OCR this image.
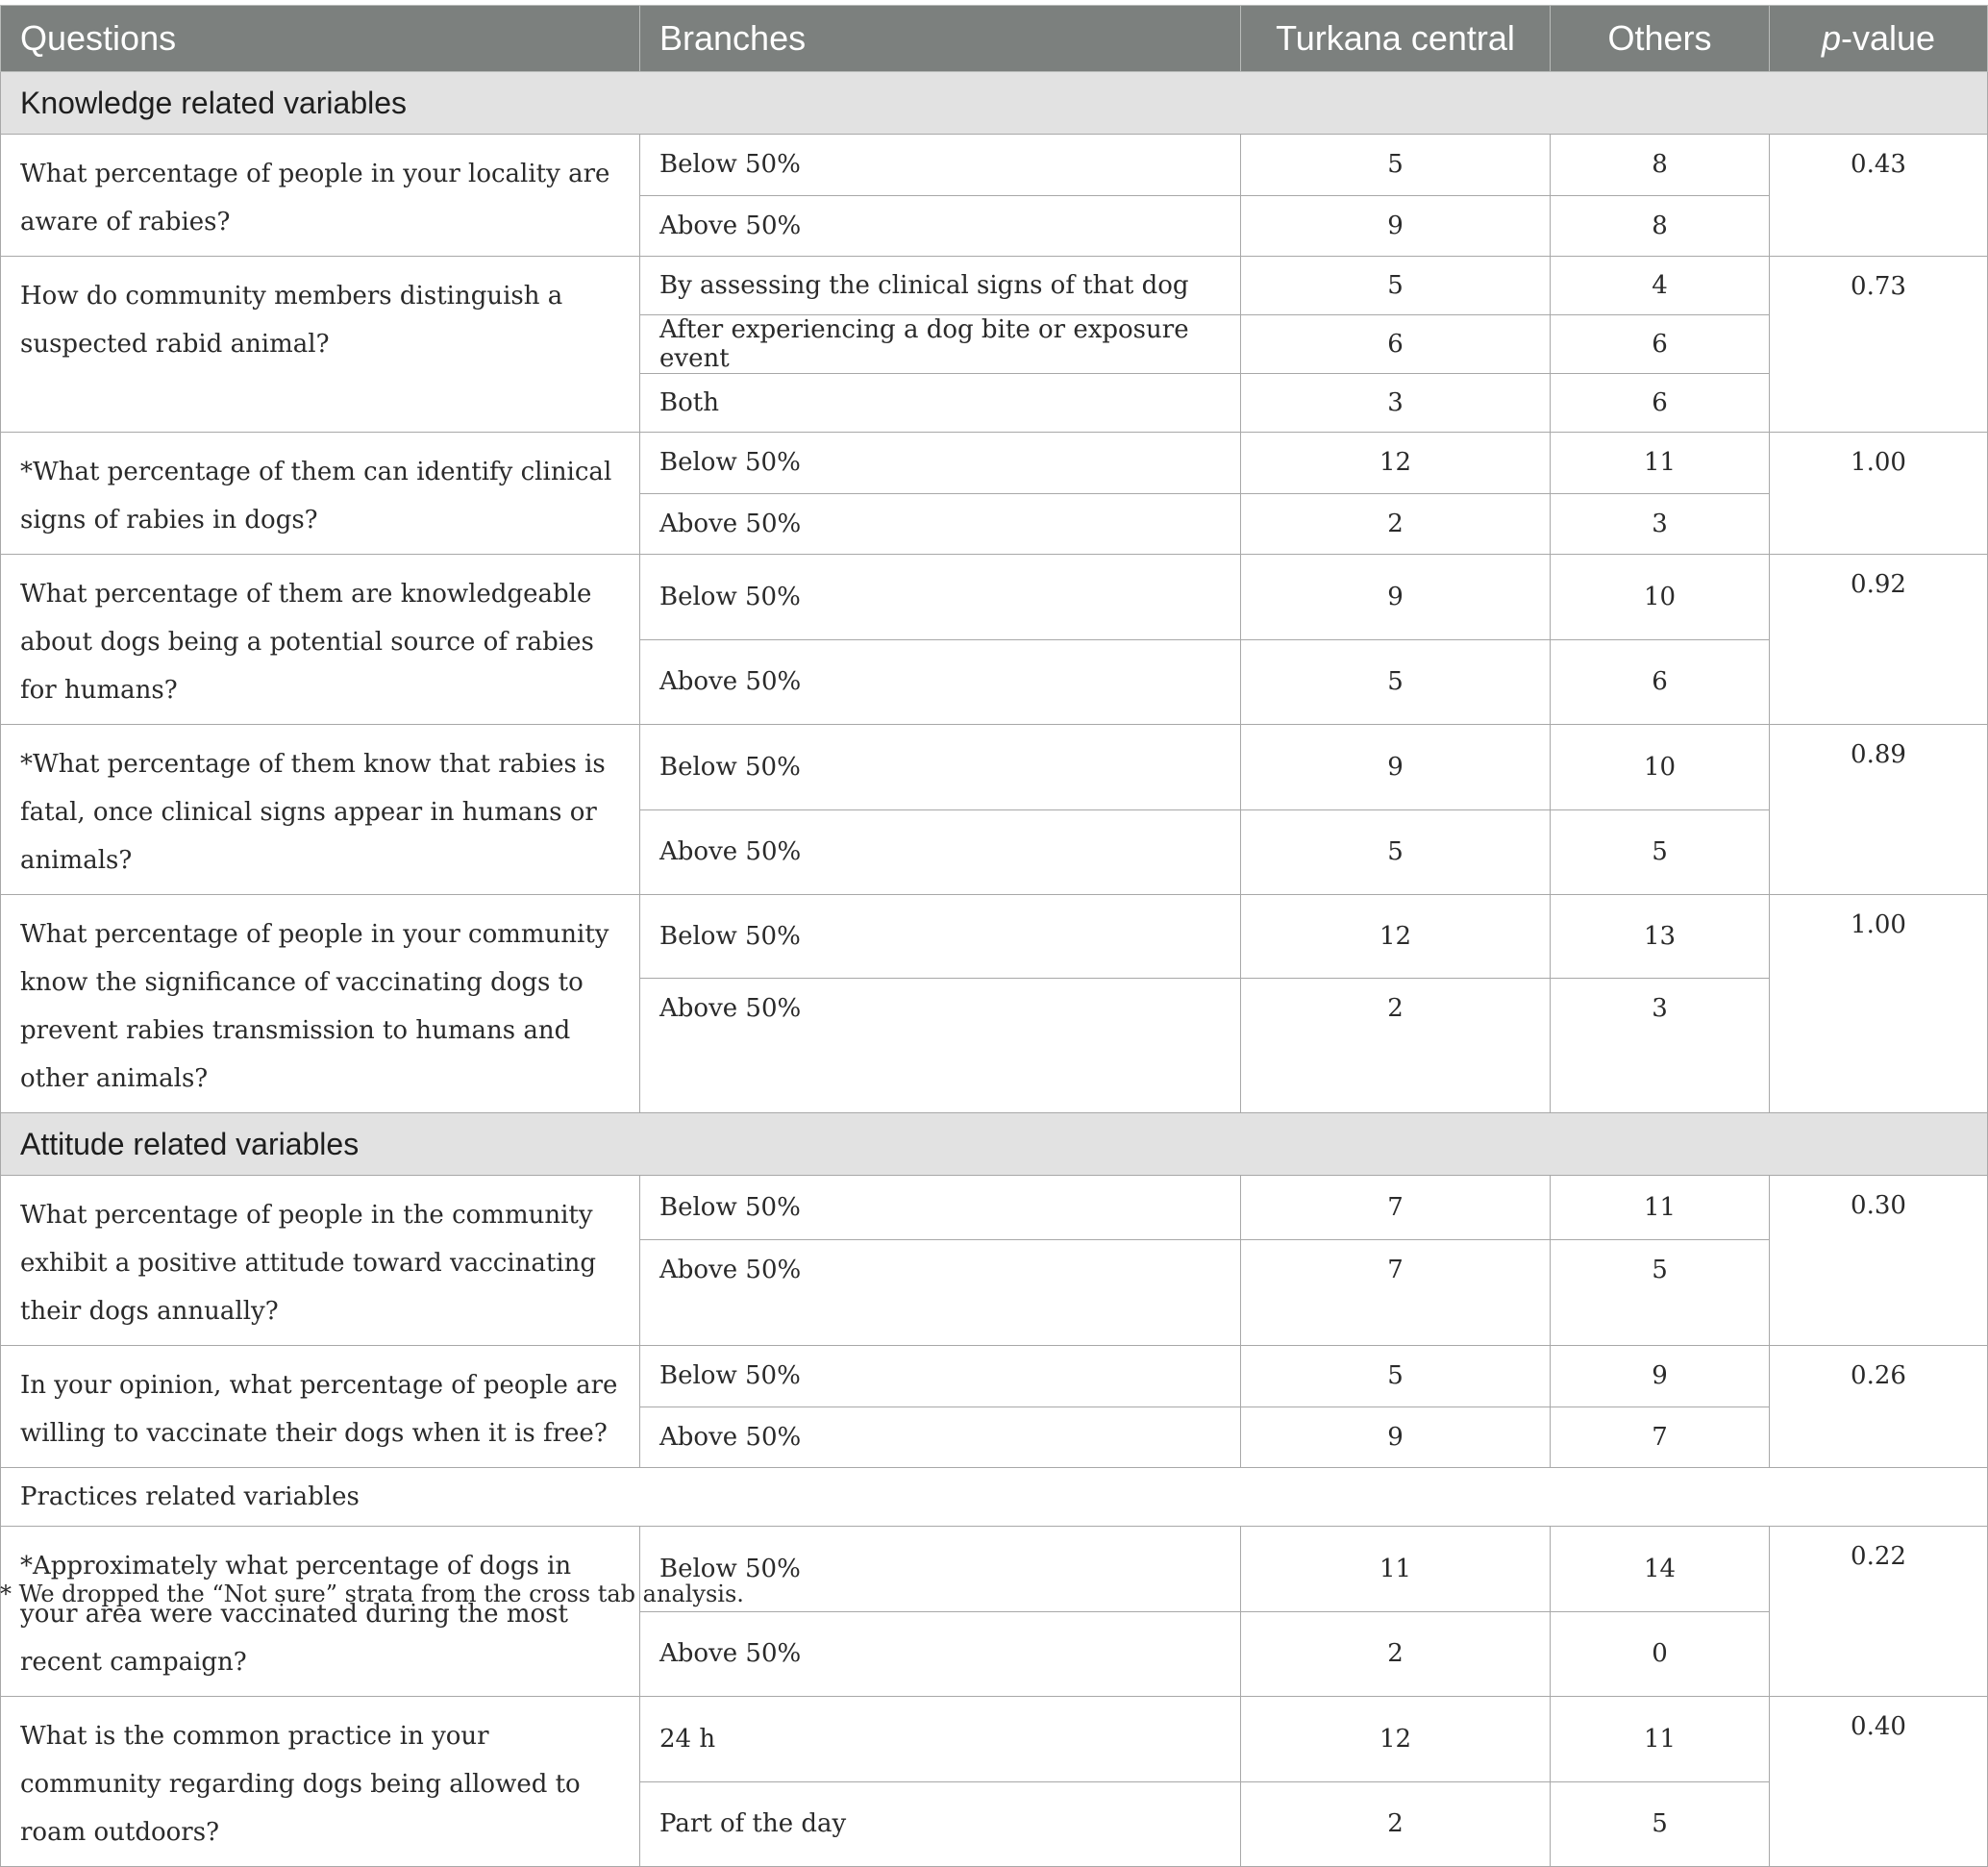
Questions	Branches	Turkana central	Others	p-value
Knowledge related variables				
What percentage of people in your locality are aware of rabies?	Below 50%	5	8	0.43
	Above 50%	9	8	
How do community members distinguish a suspected rabid animal?	By assessing the clinical signs of that dog	5	4	0.73
	After experiencing a dog bite or exposure event	6	6	
	Both	3	6	
*What percentage of them can identify clinical signs of rabies in dogs?	Below 50%	12	11	1.00
	Above 50%	2	3	
What percentage of them are knowledgeable about dogs being a potential source of rabies for humans?	Below 50%	9	10	0.92
	Above 50%	5	6	
*What percentage of them know that rabies is fatal, once clinical signs appear in humans or animals?	Below 50%	9	10	0.89
	Above 50%	5	5	
What percentage of people in your community know the significance of vaccinating dogs to prevent rabies transmission to humans and other animals?	Below 50%	12	13	1.00
	Above 50%	2	3	
Attitude related variables				
What percentage of people in the community exhibit a positive attitude toward vaccinating their dogs annually?	Below 50%	7	11	0.30
	Above 50%	7	5	
In your opinion, what percentage of people are willing to vaccinate their dogs when it is free?	Below 50%	5	9	0.26
	Above 50%	9	7	
Practices related variables				
*Approximately what percentage of dogs in your area were vaccinated during the most recent campaign?	Below 50%	11	14	0.22
	Above 50%	2	0	
What is the common practice in your community regarding dogs being allowed to roam outdoors?	24 h	12	11	0.40
	Part of the day	2	5	
* We dropped the “Not sure” strata from the cross tab analysis.
